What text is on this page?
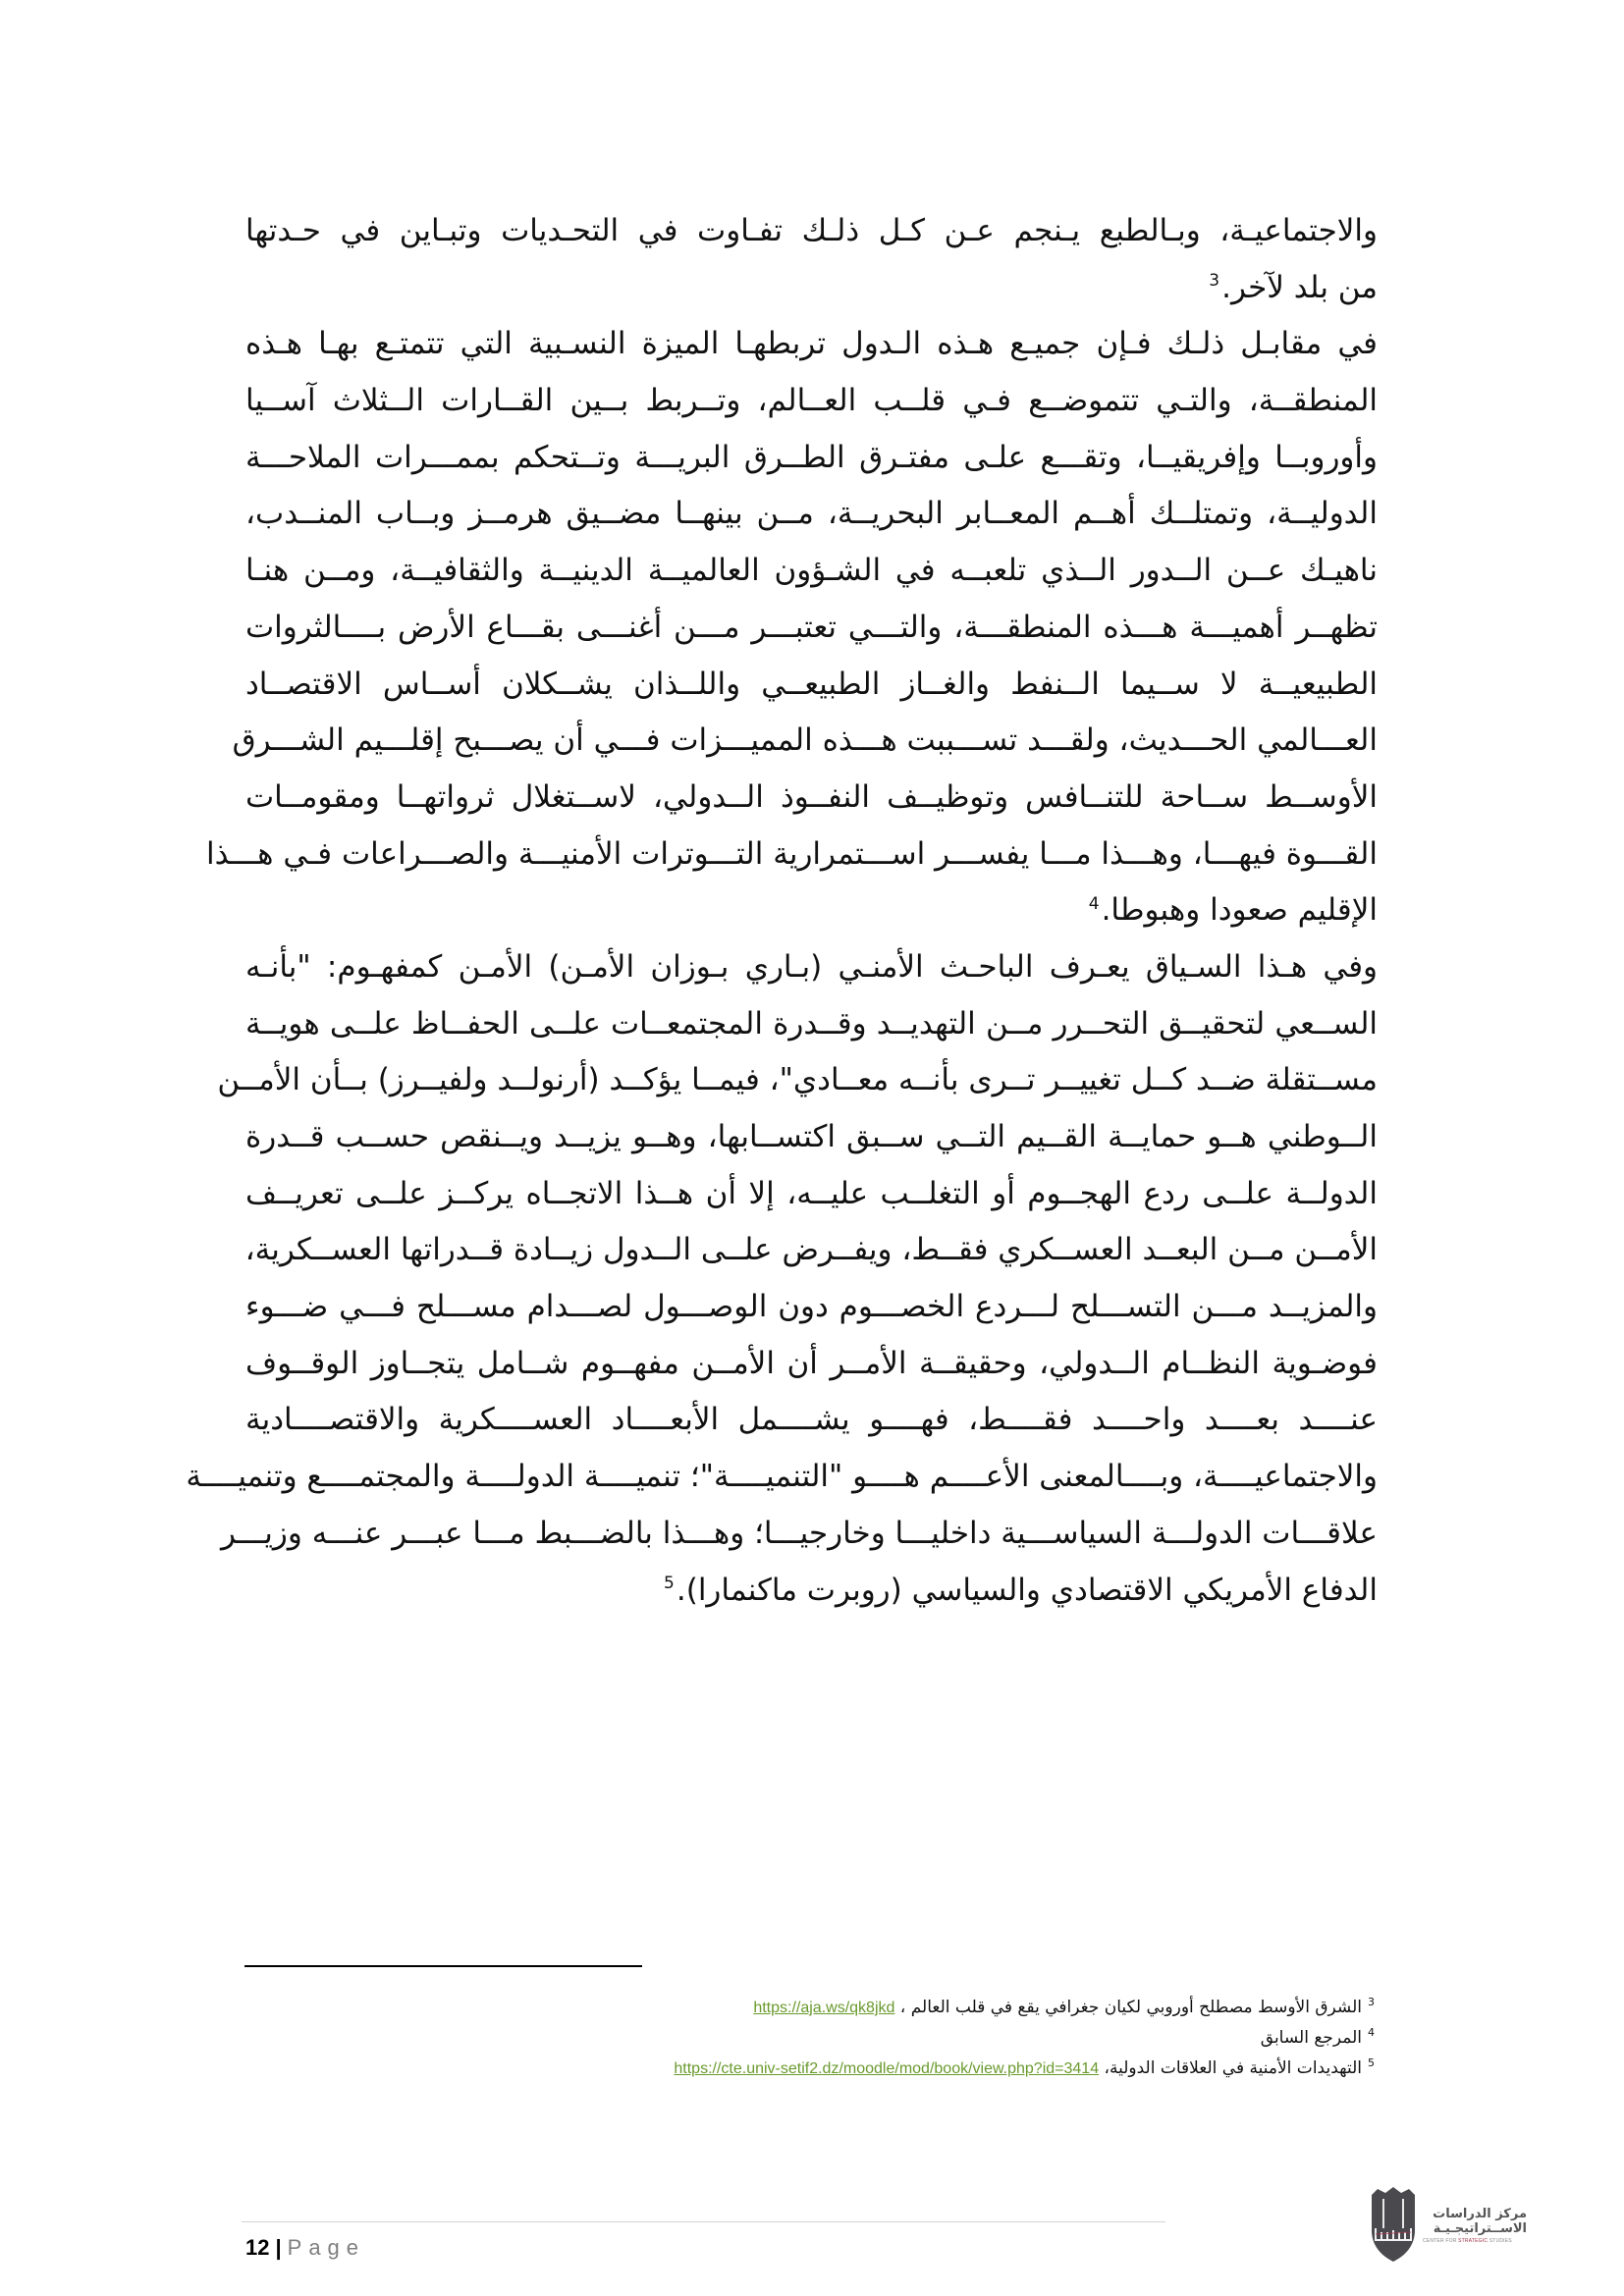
والاجتماعيـة، وبـالطبع يـنجم عـن كـل ذلـك تفـاوت في التحـديات وتبـاين في حـدتها
من بلد لآخر.$^3$
في مقابـل ذلـك فـإن جميـع هـذه الـدول تربطهـا الميزة النسـبية التي تتمتـع بهـا هـذه
المنطقــة، والتـي تتموضــع فـي قلــب العــالم، وتــربط بــين القــارات الــثلاث آســيا
وأوروبــا وإفريقيــا، وتقـــع علـى مفتـرق الطــرق البريـــة وتــتحكم بممـــرات الملاحـــة
الدوليــة، وتمتلــك أهــم المعــابر البحريــة، مــن بينهــا مضــيق هرمــز وبــاب المنــدب،
ناهيـك عــن الــدور الــذي تلعبــه في الشـؤون العالميــة الدينيــة والثقافيــة، ومــن هنـا
تظهــر أهميـــة هـــذه المنطقـــة، والتـــي تعتبـــر مـــن أغنـــى بقـــاع الأرض بــــالثروات
الطبيعيــة لا ســيما الــنفط والغــاز الطبيعــي واللــذان يشــكلان أســاس الاقتصــاد
العـــالمي الحـــديث، ولقـــد تســـببت هـــذه المميـــزات فـــي أن يصـــبح إقلـــيم الشـــرق
الأوســط ســاحة للتنــافس وتوظيــف النفــوذ الــدولي، لاســتغلال ثرواتهــا ومقومــات
القـــوة فيهـــا، وهـــذا مـــا يفســـر اســـتمرارية التـــوترات الأمنيـــة والصـــراعات فـي هـــذا
الإقليم صعودا وهبوطا.$^4$
وفي هـذا السـياق يعـرف الباحـث الأمنـي (بـاري بـوزان الأمـن) الأمـن كمفهـوم: "بأنـه
الســعي لتحقيــق التحــرر مــن التهديــد وقــدرة المجتمعــات علــى الحفــاظ علــى هويــة
مســتقلة ضــد كــل تغييــر تــرى بأنــه معــادي"، فيمــا يؤكــد (أرنولــد ولفيــرز) بــأن الأمــن
الــوطني هــو حمايــة القــيم التــي ســبق اكتســابها، وهــو يزيــد ويــنقص حســب قــدرة
الدولــة علــى ردع الهجــوم أو التغلــب عليــه، إلا أن هــذا الاتجــاه يركــز علــى تعريــف
الأمــن مــن البعــد العســكري فقــط، ويفــرض علــى الــدول زيــادة قــدراتها العســكرية،
والمزيــد مـــن التســـلح لـــردع الخصـــوم دون الوصـــول لصـــدام مســـلح فـــي ضـــوء
فوضـوية النظــام الــدولي، وحقيقــة الأمــر أن الأمــن مفهــوم شــامل يتجــاوز الوقــوف
عنــــد بعــــد واحــــد فقــــط، فهــــو يشــــمل الأبعــــاد العســــكرية والاقتصــــادية
والاجتماعيــــة، وبــــالمعنى الأعــــم هــــو "التنميــــة"؛ تنميــــة الدولــــة والمجتمــــع وتنميــــة
علاقـــات الدولـــة السياســـية داخليـــا وخارجيـــا؛ وهـــذا بالضـــبط مـــا عبـــر عنـــه وزيـــر
الدفاع الأمريكي الاقتصادي والسياسي (روبرت ماكنمارا).$^5$
$^3$الشرق الأوسط مصطلح أوروبي لكيان جغرافي يقع في قلب العالم ، https://aja.ws/qk8jkd
$^4$المرجع السابق
$^5$التهديدات الأمنية في العلاقات الدولية، https://cte.univ-setif2.dz/moodle/mod/book/view.php?id=3414
12 | Page
مركز الدراسات
الاســتراتيجـيـة
CENTER FOR STRATEGIC STUDIES
